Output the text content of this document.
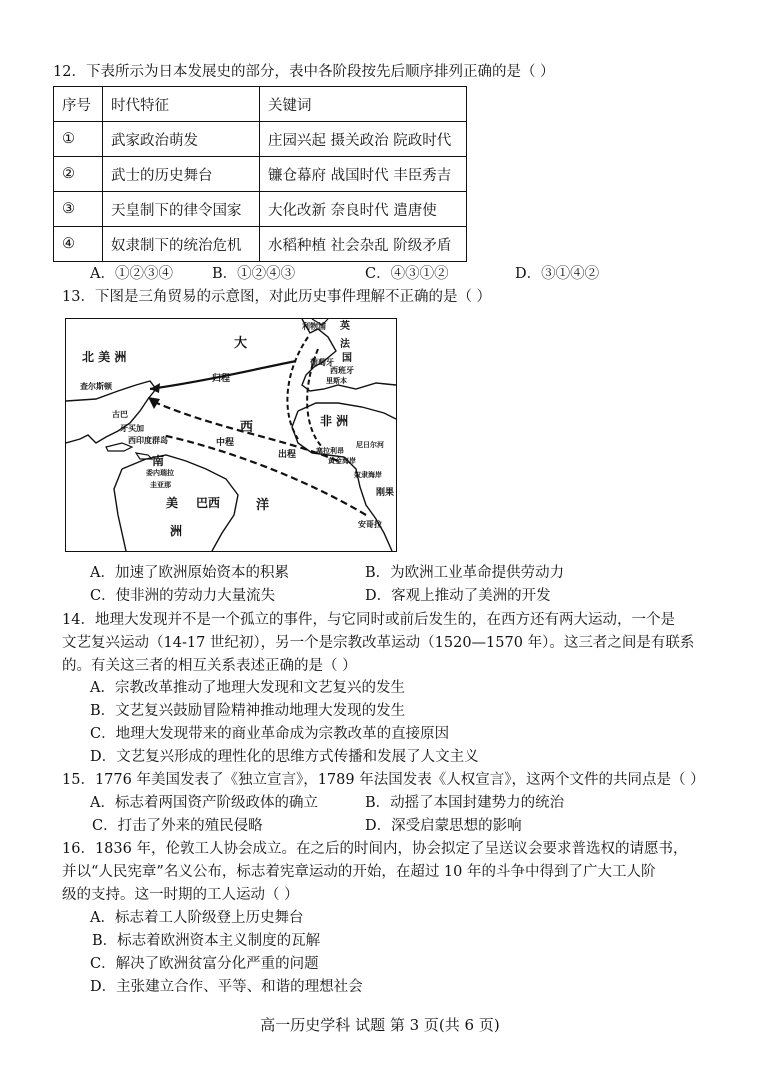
12．下表所示为日本发展史的部分，表中各阶段按先后顺序排列正确的是（ ）
序号	时代特征	关键词
①	武家政治萌发	庄园兴起 摄关政治 院政时代
②	武士的历史舞台	镰仓幕府 战国时代 丰臣秀吉
③	天皇制下的律令国家	大化改新 奈良时代 遣唐使
④	奴隶制下的统治危机	水稻种植 社会杂乱 阶级矛盾
A．①②③④	B．①②④③	C．④③①②	D．③①④②
13．下图是三角贸易的示意图，对此历史事件理解不正确的是（ ）
北 美 洲
大
西
洋
南
美
洲
巴西
非 洲
英
法
国
利物浦
葡萄牙
西班牙
里斯本
查尔斯顿
古巴
牙买加
西印度群岛
委内瑞拉
圭亚那
归程
中程
出程	塞拉利昂
黄金海岸
尼日尔河
奴隶海岸
刚果
安哥拉
A．加速了欧洲原始资本的积累	B．为欧洲工业革命提供劳动力
C．使非洲的劳动力大量流失	D．客观上推动了美洲的开发
14．地理大发现并不是一个孤立的事件，与它同时或前后发生的，在西方还有两大运动，一个是
文艺复兴运动（14-17 世纪初），另一个是宗教改革运动（1520—1570 年）。这三者之间是有联系
的。有关这三者的相互关系表述正确的是（ ）
A．宗教改革推动了地理大发现和文艺复兴的发生
B．文艺复兴鼓励冒险精神推动地理大发现的发生
C．地理大发现带来的商业革命成为宗教改革的直接原因
D．文艺复兴形成的理性化的思维方式传播和发展了人文主义
15．1776 年美国发表了《独立宣言》，1789 年法国发表《人权宣言》，这两个文件的共同点是（ ）
A．标志着两国资产阶级政体的确立	B．动摇了本国封建势力的统治
C．打击了外来的殖民侵略	D．深受启蒙思想的影响
16．1836 年，伦敦工人协会成立。在之后的时间内，协会拟定了呈送议会要求普选权的请愿书，
并以“人民宪章”名义公布，标志着宪章运动的开始，在超过 10 年的斗争中得到了广大工人阶
级的支持。这一时期的工人运动（ ）
A．标志着工人阶级登上历史舞台
B．标志着欧洲资本主义制度的瓦解
C．解决了欧洲贫富分化严重的问题
D．主张建立合作、平等、和谐的理想社会
高一历史学科 试题 第 3 页(共 6 页)
